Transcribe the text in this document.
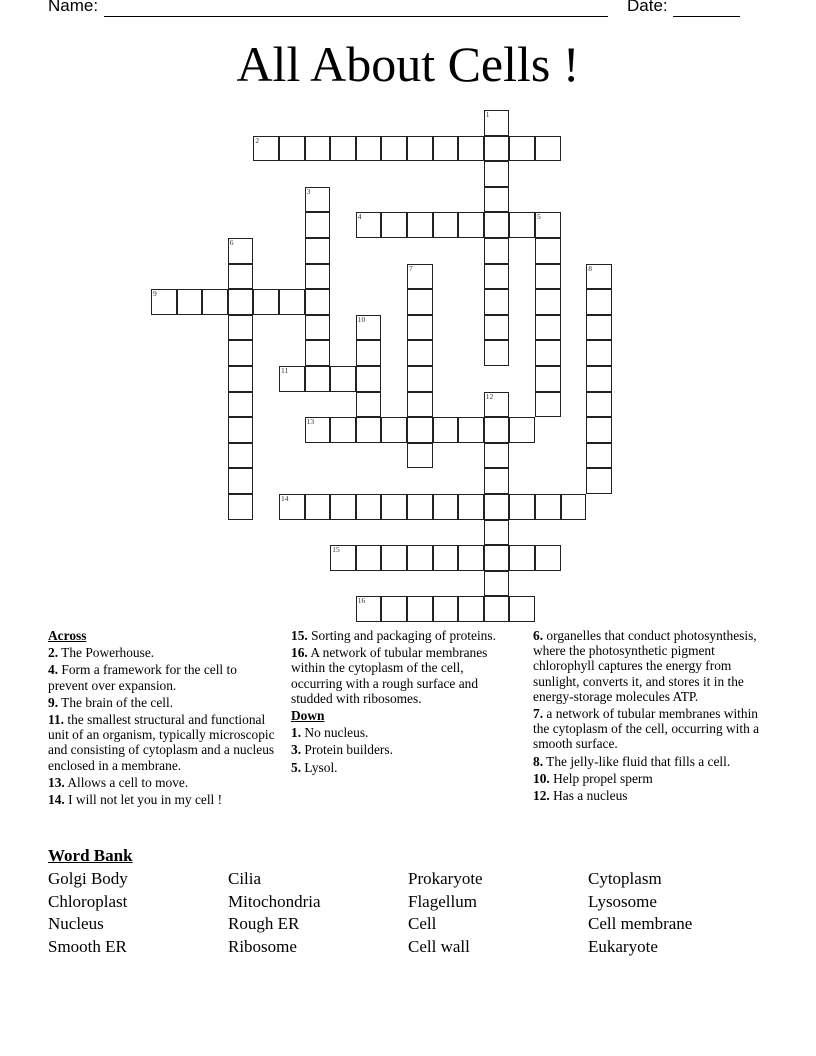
Name:	Date:
All About Cells !
1
2
3
4	5
6
7	8
9
10
11
12
13
14
15
16
Across
2. The Powerhouse.
4. Form a framework for the cell to prevent over expansion.
9. The brain of the cell.
11. the smallest structural and functional unit of an organism, typically microscopic and consisting of cytoplasm and a nucleus enclosed in a membrane.
13. Allows a cell to move.
14. I will not let you in my cell !
15. Sorting and packaging of proteins.
16. A network of tubular membranes within the cytoplasm of the cell, occurring with a rough surface and studded with ribosomes.
Down
1. No nucleus.
3. Protein builders.
5. Lysol.
6. organelles that conduct photosynthesis, where the photosynthetic pigment chlorophyll captures the energy from sunlight, converts it, and stores it in the energy-storage molecules ATP.
7. a network of tubular membranes within the cytoplasm of the cell, occurring with a smooth surface.
8. The jelly-like fluid that fills a cell.
10. Help propel sperm
12. Has a nucleus
Word Bank
Golgi Body	Cilia	Prokaryote	Cytoplasm
Chloroplast	Mitochondria	Flagellum	Lysosome
Nucleus	Rough ER	Cell	Cell membrane
Smooth ER	Ribosome	Cell wall	Eukaryote
